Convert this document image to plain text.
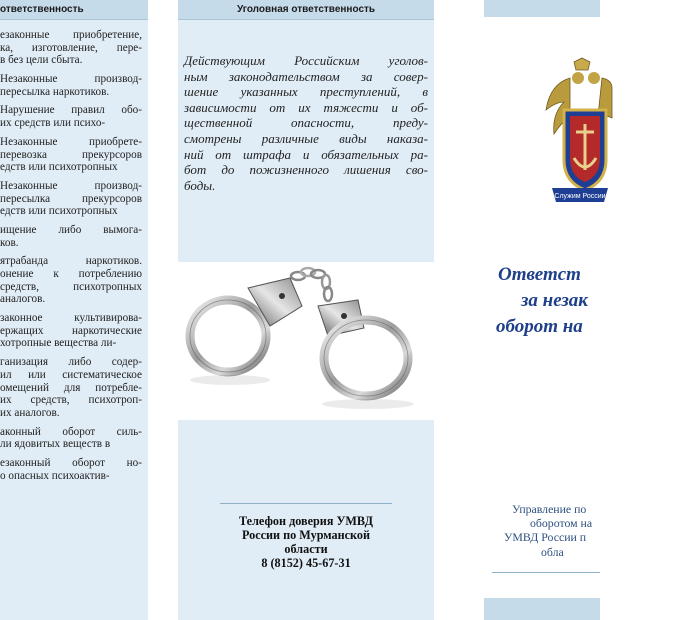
ответственность
езаконные приобретение,
ка, изготовление, пере-
в без цели сбыта.
Незаконные производ-
пересылка наркотиков.
Нарушение правил обо-
их средств или психо-
Незаконные приобрете-
перевозка прекурсоров
едств или психотропных
Незаконные производ-
пересылка прекурсоров
едств или психотропных
ищение либо вымога-
ков.
ятрабанда наркотиков.
онение к потреблению
средств, психотропных
аналогов.
законное культивирова-
ержащих наркотические
хотропные вещества ли-
ганизация либо содер-
ил или систематическое
омещений для потребле-
их средств, психотроп-
их аналогов.
аконный оборот силь-
ли ядовитых веществ в
езаконный оборот но-
о опасных психоактив-
Уголовная ответственность
Действующим Российским уголов-
ным законодательством за совер-
шение указанных преступлений, в
зависимости от их тяжести и об-
щественной опасности, преду-
смотрены различные виды наказа-
ний от штрафа и обязательных ра-
бот до пожизненного лишения сво-
боды.
Телефон доверия УМВД
России по Мурманской
области
8 (8152) 45-67-31
Служим России
Ответст
за незак
оборот на
Управление по
оборотом на
УМВД России п
обла
